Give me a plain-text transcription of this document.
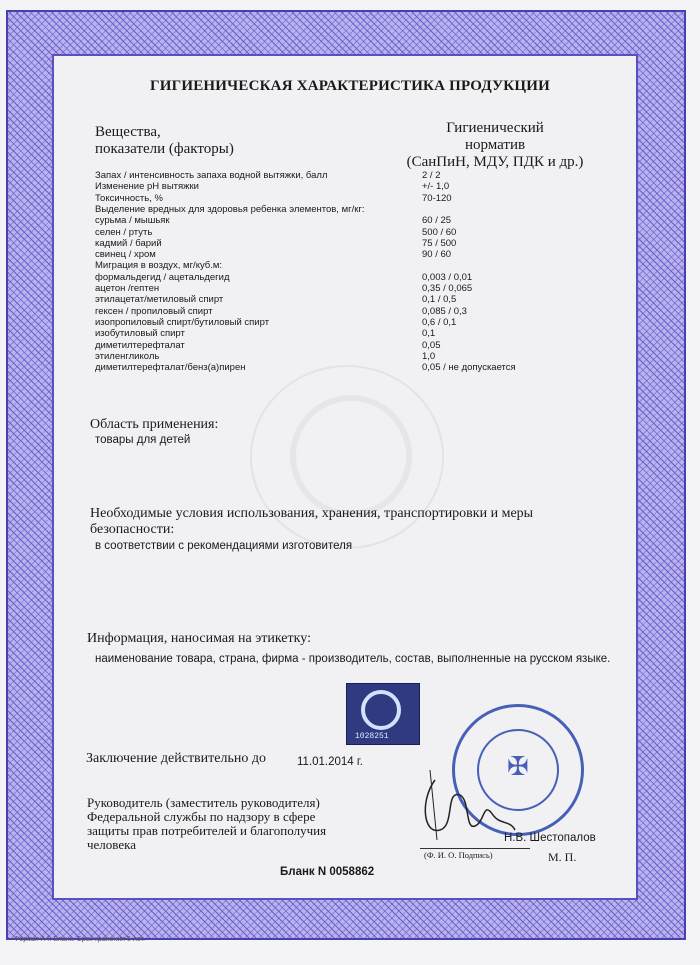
ГИГИЕНИЧЕСКАЯ ХАРАКТЕРИСТИКА ПРОДУКЦИИ
Вещества,
показатели (факторы)
Гигиенический
норматив
(СанПиН, МДУ, ПДК и др.)
Запах / интенсивность запаха водной вытяжки, балл	2 / 2
Изменение pH вытяжки	+/- 1,0
Токсичность, %	70-120
Выделение вредных для здоровья ребенка элементов, мг/кг:
сурьма / мышьяк	60 / 25
селен / ртуть	500 / 60
кадмий / барий	75 / 500
свинец / хром	90 / 60
Миграция в воздух, мг/куб.м:
формальдегид / ацетальдегид	0,003 / 0,01
ацетон /гептен	0,35 / 0,065
этилацетат/метиловый спирт	0,1 / 0,5
гексен / пропиловый спирт	0,085 / 0,3
изопропиловый спирт/бутиловый спирт	0,6 / 0,1
изобутиловый спирт	0,1
диметилтерефталат	0,05
этиленгликоль	1,0
диметилтерефталат/бенз(а)пирен	0,05 / не допускается
Область применения:
товары для детей
Необходимые условия использования, хранения, транспортировки и меры
безопасности:
в соответствии с рекомендациями изготовителя
Информация, наносимая на этикетку:
наименование товара, страна, фирма - производитель, состав, выполненные на русском языке.
1028251
Заключение действительно до	11.01.2014 г.
Руководитель (заместитель руководителя)
Федеральной службы по надзору в сфере
защиты прав потребителей и благополучия
человека
✠
Н.В. Шестопалов
(Ф. И. О. Подпись)	М. П.
Бланк N 0058862
Формат А4. Бланк. Срок хранения 5 лет.
